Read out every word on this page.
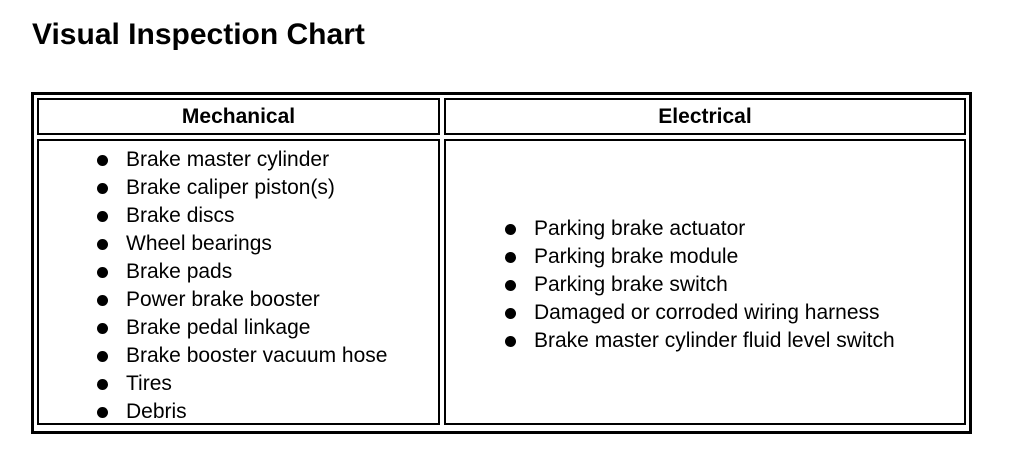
Visual Inspection Chart
Mechanical	Electrical
Brake master cylinder
Brake caliper piston(s)
Brake discs
Wheel bearings
Brake pads
Power brake booster
Brake pedal linkage
Brake booster vacuum hose
Tires
Debris
Parking brake actuator
Parking brake module
Parking brake switch
Damaged or corroded wiring harness
Brake master cylinder fluid level switch
